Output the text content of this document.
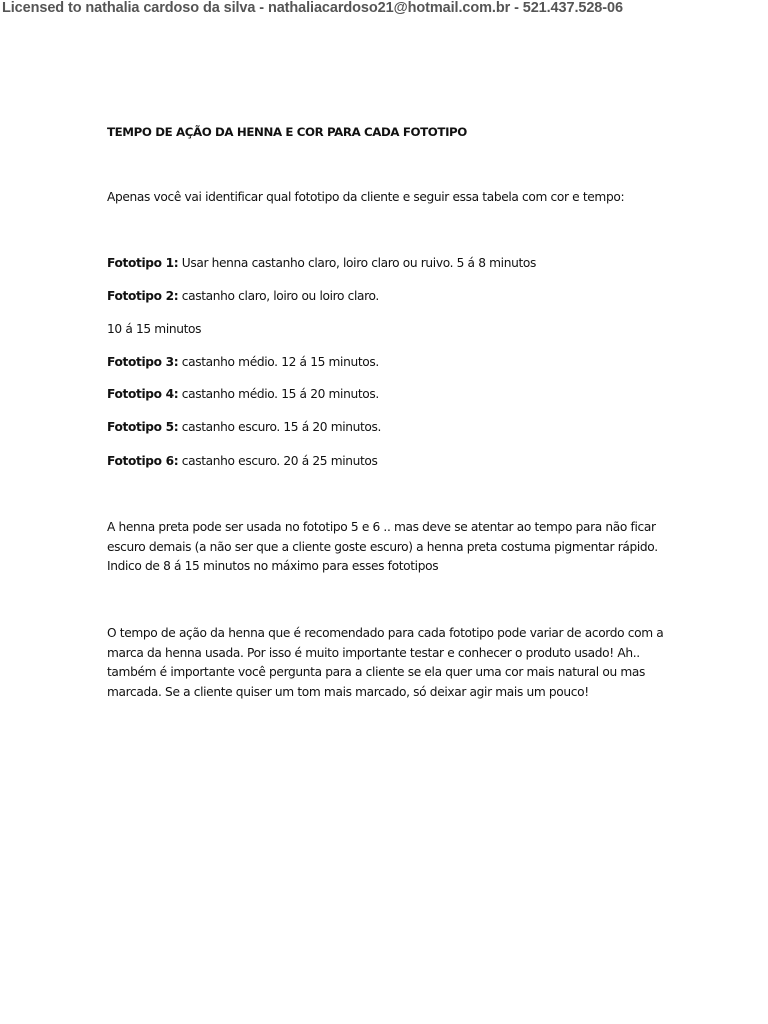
Licensed to nathalia cardoso da silva - nathaliacardoso21@hotmail.com.br - 521.437.528-06
TEMPO DE AÇÃO DA HENNA E COR PARA CADA FOTOTIPO
Apenas você vai identificar qual fototipo da cliente e seguir essa tabela com cor e tempo:
Fototipo 1: Usar henna castanho claro, loiro claro ou ruivo. 5 á 8 minutos
Fototipo 2: castanho claro, loiro ou loiro claro.
10 á 15 minutos
Fototipo 3: castanho médio. 12 á 15 minutos.
Fototipo 4: castanho médio. 15 á 20 minutos.
Fototipo 5: castanho escuro. 15 á 20 minutos.
Fototipo 6: castanho escuro. 20 á 25 minutos
A henna preta pode ser usada no fototipo 5 e 6 .. mas deve se atentar ao tempo para não ficar
escuro demais (a não ser que a cliente goste escuro) a henna preta costuma pigmentar rápido.
Indico de 8 á 15 minutos no máximo para esses fototipos
O tempo de ação da henna que é recomendado para cada fototipo pode variar de acordo com a
marca da henna usada. Por isso é muito importante testar e conhecer o produto usado! Ah..
também é importante você pergunta para a cliente se ela quer uma cor mais natural ou mas
marcada. Se a cliente quiser um tom mais marcado, só deixar agir mais um pouco!
